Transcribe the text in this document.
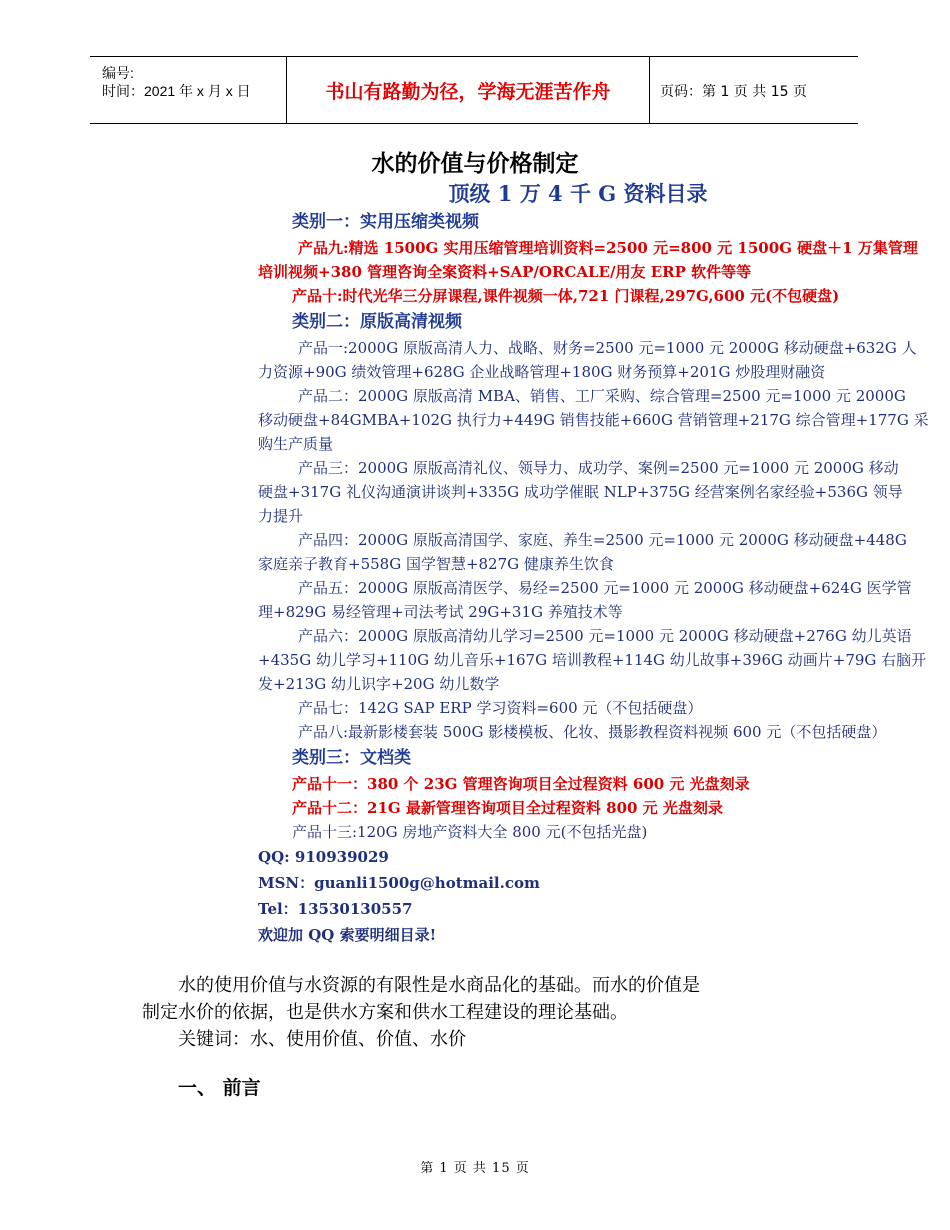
编号:
时间：2021 年 x 月 x 日	书山有路勤为径，学海无涯苦作舟	页码：第 1 页 共 15 页
水的价值与价格制定
顶级 1 万 4 千 G 资料目录
类别一：实用压缩类视频
产品九:精选 1500G 实用压缩管理培训资料=2500 元=800 元 1500G 硬盘＋1 万集管理
培训视频+380 管理咨询全案资料+SAP/ORCALE/用友 ERP 软件等等
产品十:时代光华三分屏课程,课件视频一体,721 门课程,297G,600 元(不包硬盘)
类别二：原版高清视频
产品一:2000G 原版高清人力、战略、财务=2500 元=1000 元 2000G 移动硬盘+632G 人
力资源+90G 绩效管理+628G 企业战略管理+180G 财务预算+201G 炒股理财融资
产品二：2000G 原版高清 MBA、销售、工厂采购、综合管理=2500 元=1000 元 2000G
移动硬盘+84GMBA+102G 执行力+449G 销售技能+660G 营销管理+217G 综合管理+177G 采
购生产质量
产品三：2000G 原版高清礼仪、领导力、成功学、案例=2500 元=1000 元 2000G 移动
硬盘+317G 礼仪沟通演讲谈判+335G 成功学催眠 NLP+375G 经营案例名家经验+536G 领导
力提升
产品四：2000G 原版高清国学、家庭、养生=2500 元=1000 元 2000G 移动硬盘+448G
家庭亲子教育+558G 国学智慧+827G 健康养生饮食
产品五：2000G 原版高清医学、易经=2500 元=1000 元 2000G 移动硬盘+624G 医学管
理+829G 易经管理+司法考试 29G+31G 养殖技术等
产品六：2000G 原版高清幼儿学习=2500 元=1000 元 2000G 移动硬盘+276G 幼儿英语
+435G 幼儿学习+110G 幼儿音乐+167G 培训教程+114G 幼儿故事+396G 动画片+79G 右脑开
发+213G 幼儿识字+20G 幼儿数学
产品七：142G SAP ERP 学习资料=600 元（不包括硬盘）
产品八:最新影楼套装 500G 影楼模板、化妆、摄影教程资料视频 600 元（不包括硬盘）
类别三：文档类
产品十一：380 个 23G 管理咨询项目全过程资料 600 元 光盘刻录
产品十二：21G 最新管理咨询项目全过程资料 800 元 光盘刻录
产品十三:120G 房地产资料大全 800 元(不包括光盘)
QQ: 910939029
MSN：guanli1500g@hotmail.com
Tel：13530130557
欢迎加 QQ 索要明细目录!

水的使用价值与水资源的有限性是水商品化的基础。而水的价值是

制定水价的依据，也是供水方案和供水工程建设的理论基础。

关键词：水、使用价值、价值、水价

一、 前言
第 1 页 共 15 页
